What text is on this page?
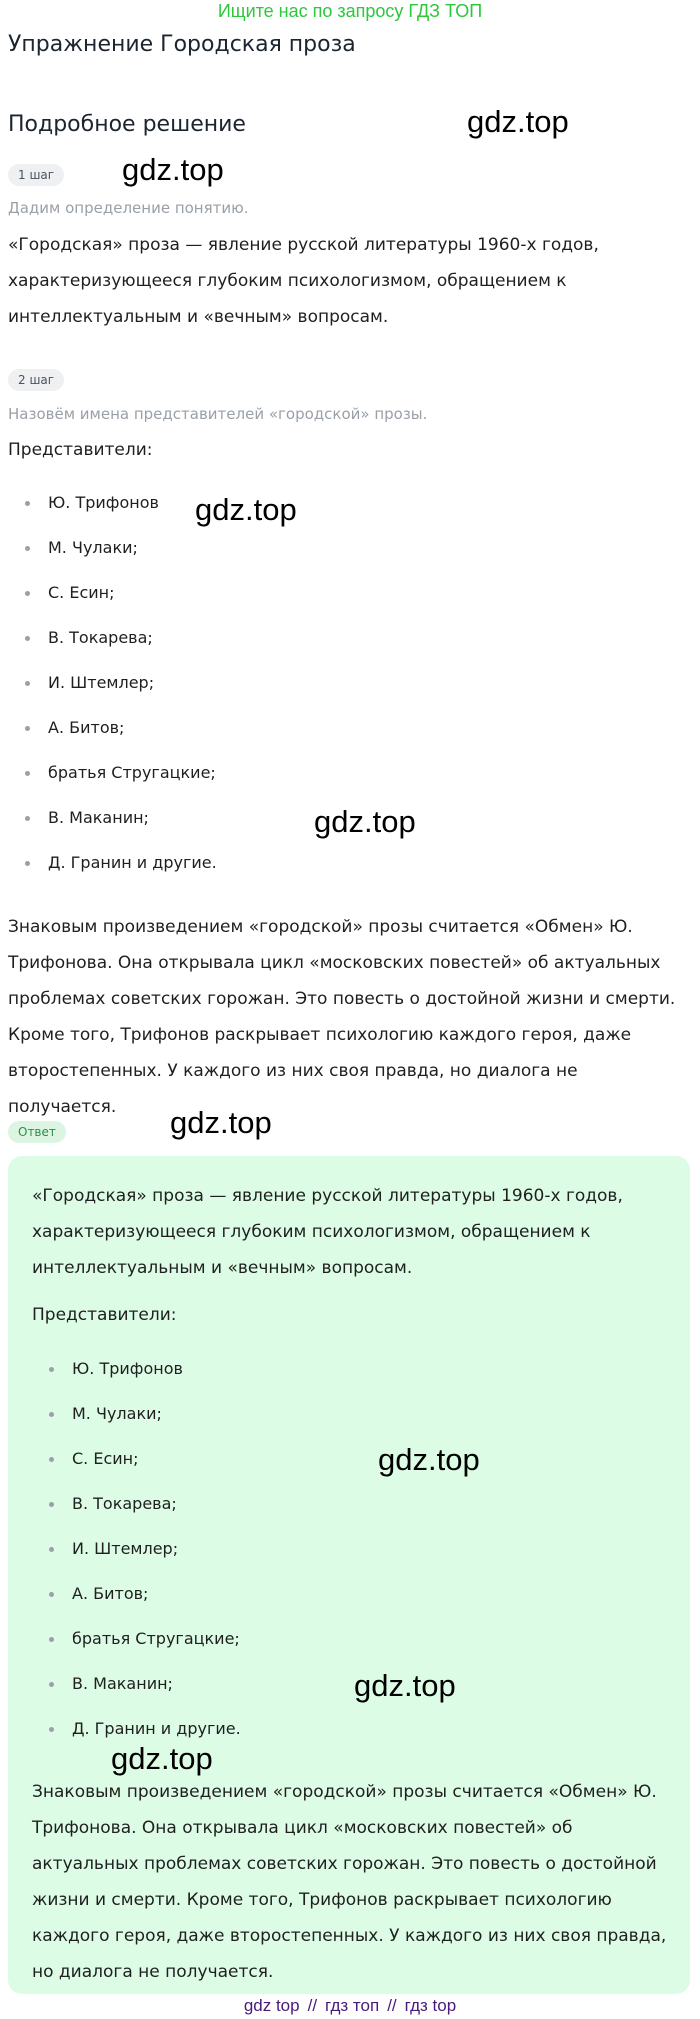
Ищите нас по запросу ГДЗ ТОП
Упражнение Городская проза
Подробное решение
1 шаг
Дадим определение понятию.

«Городская» проза — явление русской литературы 1960-х годов, характеризующееся глубоким психологизмом, обращением к интеллектуальным и «вечным» вопросам.

2 шаг
Назовём имена представителей «городской» прозы.
Представители:
Ю. Трифонов
М. Чулаки;
С. Есин;
В. Токарева;
И. Штемлер;
А. Битов;
братья Стругацкие;
В. Маканин;
Д. Гранин и другие.

Знаковым произведением «городской» прозы считается «Обмен» Ю. Трифонова. Она открывала цикл «московских повестей» об актуальных проблемах советских горожан. Это повесть о достойной жизни и смерти. Кроме того, Трифонов раскрывает психологию каждого героя, даже второстепенных. У каждого из них своя правда, но диалога не получается.

Ответ

«Городская» проза — явление русской литературы 1960-х годов, характеризующееся глубоким психологизмом, обращением к интеллектуальным и «вечным» вопросам.

Представители:
Ю. Трифонов
М. Чулаки;
С. Есин;
В. Токарева;
И. Штемлер;
А. Битов;
братья Стругацкие;
В. Маканин;
Д. Гранин и другие.

Знаковым произведением «городской» прозы считается «Обмен» Ю. Трифонова. Она открывала цикл «московских повестей» об актуальных проблемах советских горожан. Это повесть о достойной жизни и смерти. Кроме того, Трифонов раскрывает психологию каждого героя, даже второстепенных. У каждого из них своя правда, но диалога не получается.

gdz.top
gdz.top
gdz.top
gdz.top
gdz.top
gdz.top
gdz.top
gdz.top
gdz top // гдз топ // гдз top
